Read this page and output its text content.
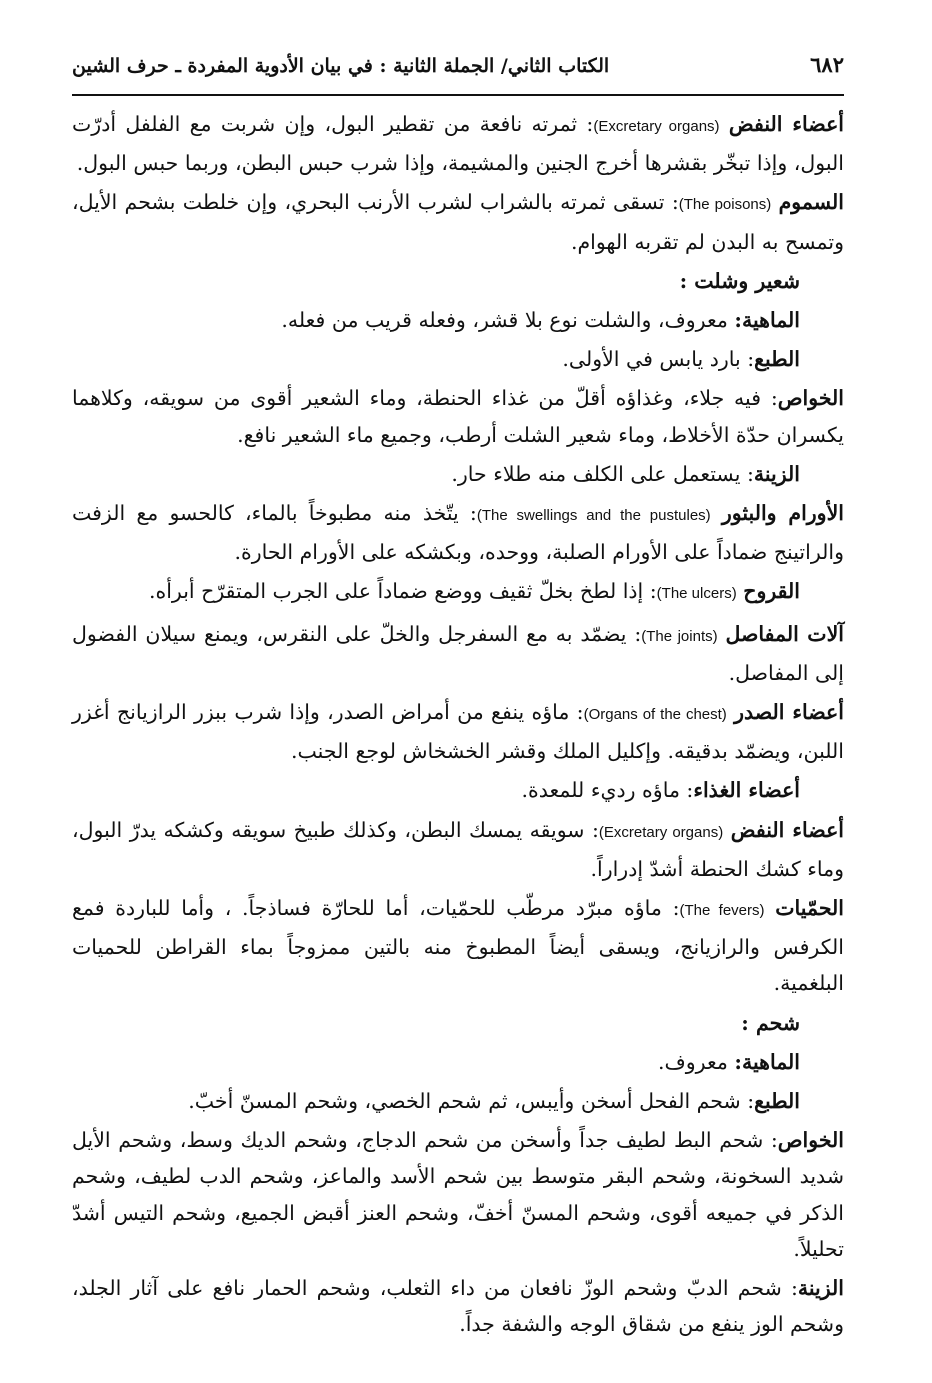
٦٨٢
الكتاب الثاني/ الجملة الثانية : في بيان الأدوية المفردة ـ حرف الشين

أعضاء النفض (Excretary organs): ثمرته نافعة من تقطير البول، وإن شربت مع الفلفل أدرّت البول، وإذا تبخّر بقشرها أخرج الجنين والمشيمة، وإذا شرب حبس البطن، وربما حبس البول.

السموم (The poisons): تسقى ثمرته بالشراب لشرب الأرنب البحري، وإن خلطت بشحم الأيل، وتمسح به البدن لم تقربه الهوام.

شعير وشلت :

الماهية: معروف، والشلت نوع بلا قشر، وفعله قريب من فعله.

الطبع: بارد يابس في الأولى.

الخواص: فيه جلاء، وغذاؤه أقلّ من غذاء الحنطة، وماء الشعير أقوى من سويقه، وكلاهما يكسران حدّة الأخلاط، وماء شعير الشلت أرطب، وجميع ماء الشعير نافع.

الزينة: يستعمل على الكلف منه طلاء حار.

الأورام والبثور (The swellings and the pustules): يتّخذ منه مطبوخاً بالماء، كالحسو مع الزفت والراتينج ضماداً على الأورام الصلبة، ووحده، وبكشكه على الأورام الحارة.

القروح (The ulcers): إذا لطخ بخلّ ثقيف ووضع ضماداً على الجرب المتقرّح أبرأه.

آلات المفاصل (The joints): يضمّد به مع السفرجل والخلّ على النقرس، ويمنع سيلان الفضول إلى المفاصل.

أعضاء الصدر (Organs of the chest): ماؤه ينفع من أمراض الصدر، وإذا شرب ببزر الرازيانج أغزر اللبن، ويضمّد بدقيقه. وإكليل الملك وقشر الخشخاش لوجع الجنب.

أعضاء الغذاء: ماؤه رديء للمعدة.

أعضاء النفض (Excretary organs): سويقه يمسك البطن، وكذلك طبيخ سويقه وكشكه يدرّ البول، وماء كشك الحنطة أشدّ إدراراً.

الحمّيات (The fevers): ماؤه مبرّد مرطّب للحمّيات، أما للحارّة فساذجاً. ، وأما للباردة فمع الكرفس والرازيانج، ويسقى أيضاً المطبوخ منه بالتين ممزوجاً بماء القراطن للحميات البلغمية.

شحم :

الماهية: معروف.

الطبع: شحم الفحل أسخن وأيبس، ثم شحم الخصي، وشحم المسنّ أخبّ.

الخواص: شحم البط لطيف جداً وأسخن من شحم الدجاج، وشحم الديك وسط، وشحم الأيل شديد السخونة، وشحم البقر متوسط بين شحم الأسد والماعز، وشحم الدب لطيف، وشحم الذكر في جميعه أقوى، وشحم المسنّ أخفّ، وشحم العنز أقبض الجميع، وشحم التيس أشدّ تحليلاً.

الزينة: شحم الدبّ وشحم الوزّ نافعان من داء الثعلب، وشحم الحمار نافع على آثار الجلد، وشحم الوز ينفع من شقاق الوجه والشفة جداً.
